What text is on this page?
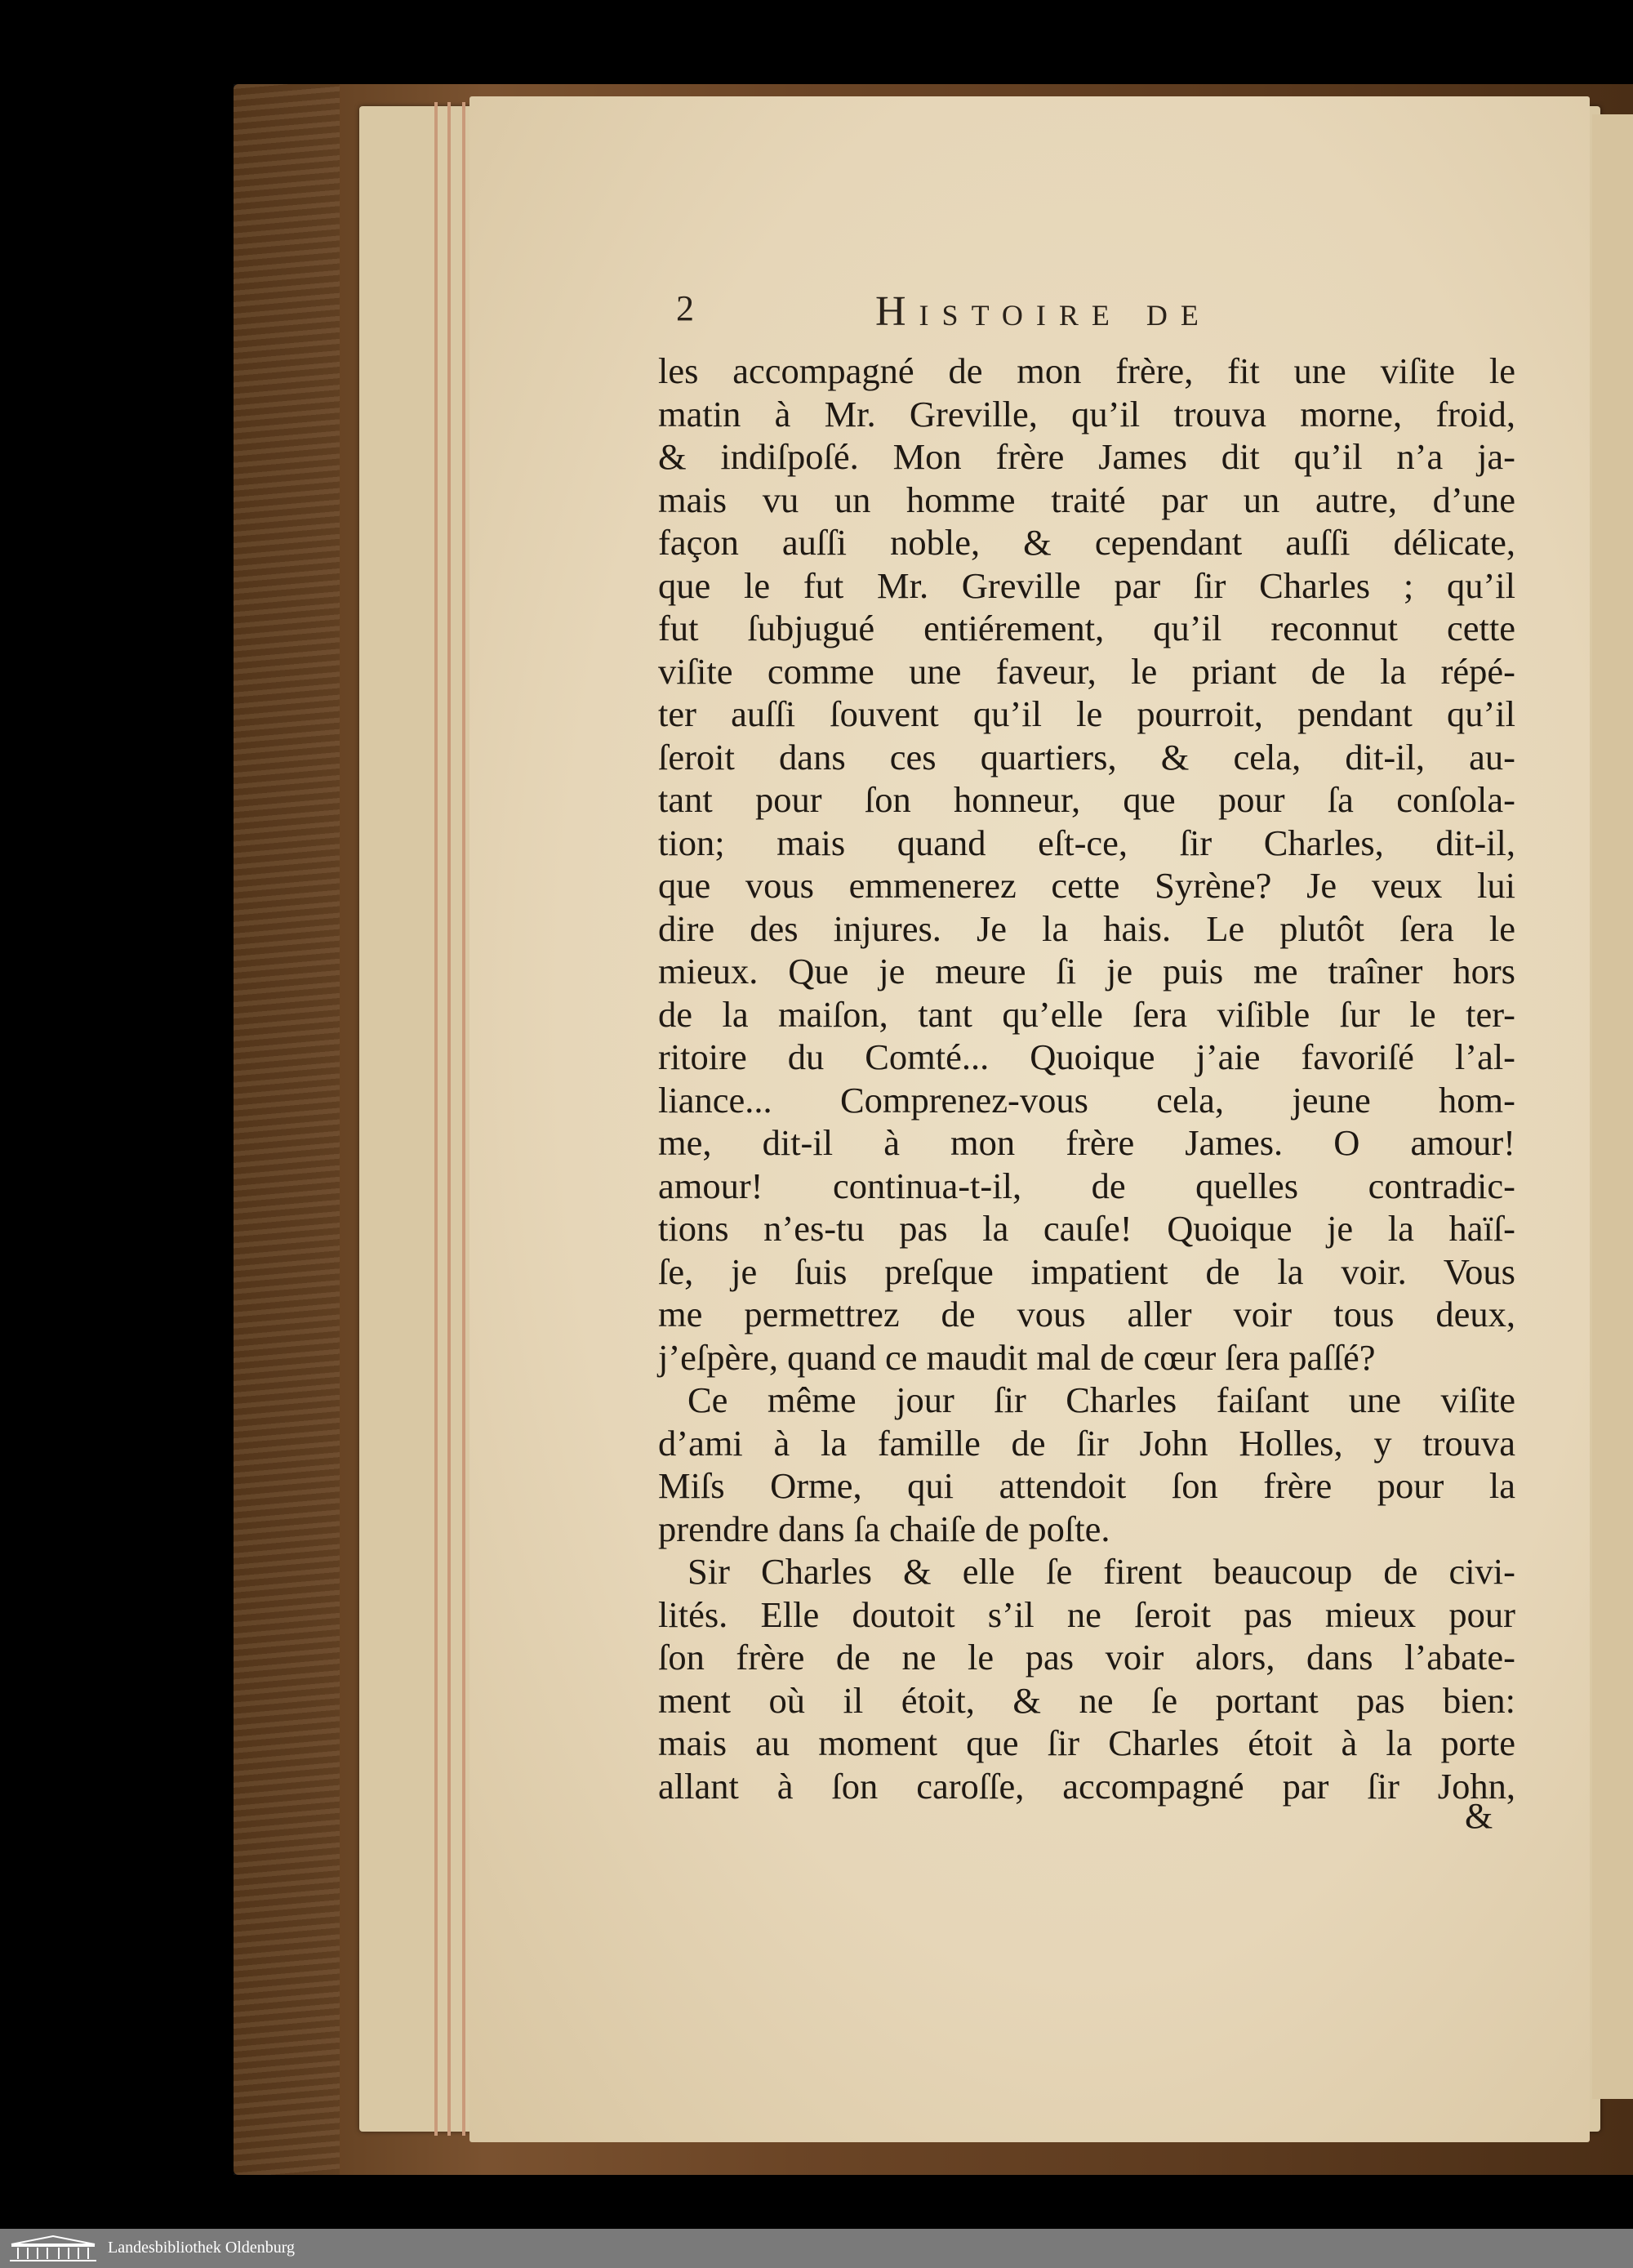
2	Histoire de
les accompagné de mon frère, fit une viſite le
matin à Mr. Greville, qu’il trouva morne, froid,
& indiſpoſé. Mon frère James dit qu’il n’a ja-
mais vu un homme traité par un autre, d’une
façon auſſi noble, & cependant auſſi délicate,
que le fut Mr. Greville par ſir Charles ; qu’il
fut ſubjugué entiérement, qu’il reconnut cette
viſite comme une faveur, le priant de la répé-
ter auſſi ſouvent qu’il le pourroit, pendant qu’il
ſeroit dans ces quartiers, & cela, dit-il, au-
tant pour ſon honneur, que pour ſa conſola-
tion; mais quand eſt-ce, ſir Charles, dit-il,
que vous emmenerez cette Syrène? Je veux lui
dire des injures. Je la hais. Le plutôt ſera le
mieux. Que je meure ſi je puis me traîner hors
de la maiſon, tant qu’elle ſera viſible ſur le ter-
ritoire du Comté... Quoique j’aie favoriſé l’al-
liance... Comprenez-vous cela, jeune hom-
me, dit-il à mon frère James. O amour!
amour! continua-t-il, de quelles contradic-
tions n’es-tu pas la cauſe! Quoique je la haïſ-
ſe, je ſuis preſque impatient de la voir. Vous
me permettrez de vous aller voir tous deux,
j’eſpère, quand ce maudit mal de cœur ſera paſſé?
Ce même jour ſir Charles faiſant une viſite
d’ami à la famille de ſir John Holles, y trouva
Miſs Orme, qui attendoit ſon frère pour la
prendre dans ſa chaiſe de poſte.
Sir Charles & elle ſe firent beaucoup de civi-
lités. Elle doutoit s’il ne ſeroit pas mieux pour
ſon frère de ne le pas voir alors, dans l’abate-
ment où il étoit, & ne ſe portant pas bien:
mais au moment que ſir Charles étoit à la porte
allant à ſon caroſſe, accompagné par ſir John,
&
Landesbibliothek Oldenburg
